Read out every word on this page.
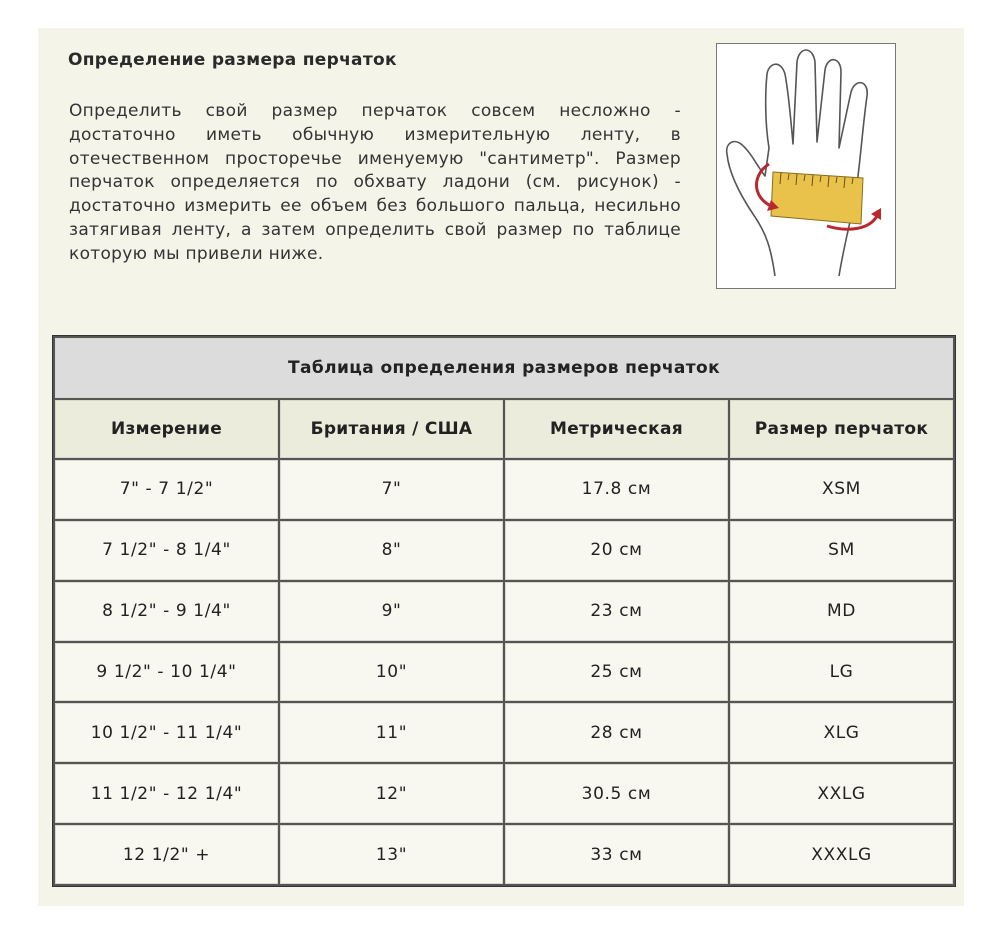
Определение размера перчаток
Определить свой размер перчаток совсем несложно - достаточно иметь обычную измерительную ленту, в отечественном просторечье именуемую "сантиметр". Размер перчаток определяется по обхвату ладони (см. рисунок) - достаточно измерить ее объем без большого пальца, несильно затягивая ленту, а затем определить свой размер по таблице которую мы привели ниже.
Таблица определения размеров перчаток			
Измерение	Британия / США	Метрическая	Размер перчаток
7" - 7 1/2"	7"	17.8 см	XSM
7 1/2" - 8 1/4"	8"	20 см	SM
8 1/2" - 9 1/4"	9"	23 см	MD
9 1/2" - 10 1/4"	10"	25 см	LG
10 1/2" - 11 1/4"	11"	28 см	XLG
11 1/2" - 12 1/4"	12"	30.5 см	XXLG
12 1/2" +	13"	33 см	XXXLG
